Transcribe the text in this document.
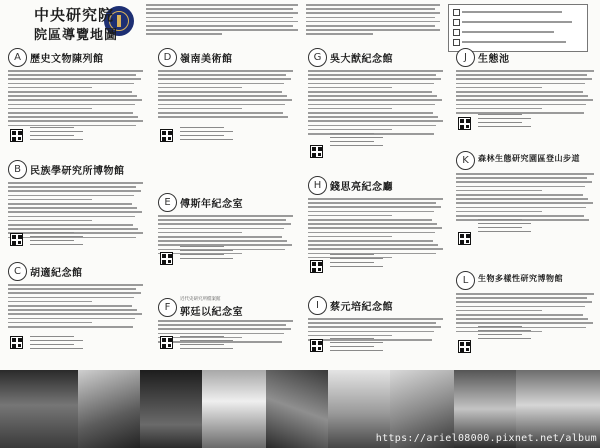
中央研究院
院區導覽地圖
A 歷史文物陳列館
B 民族學研究所博物館
C 胡適紀念館
D 嶺南美術館
E 傅斯年紀念室
F
近代史研究所檔案館
郭廷以紀念室
G 吳大猷紀念館
H 錢思亮紀念廳
I	蔡元培紀念館
J	生態池
K	森林生態研究園區登山步道
L	生物多樣性研究博物館
https://ariel08000.pixnet.net/album
